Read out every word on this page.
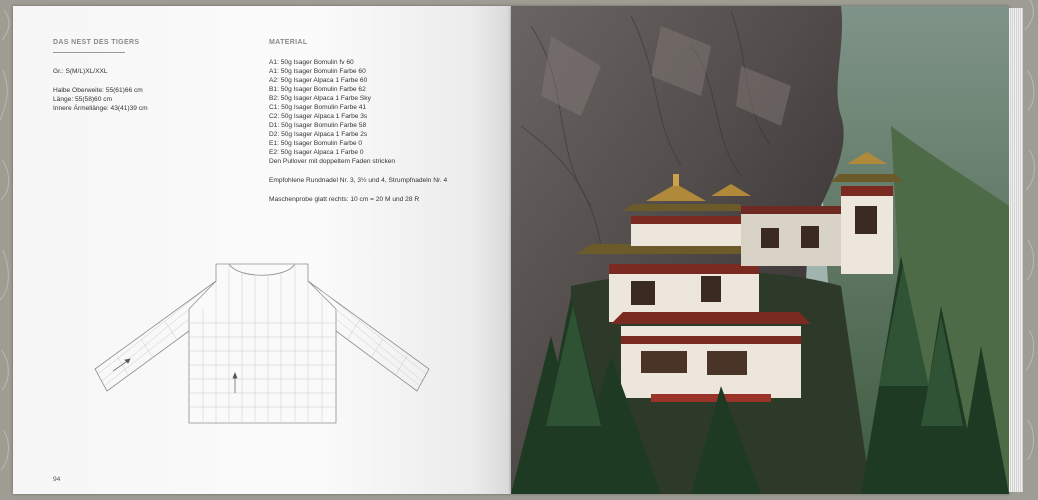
DAS NEST DES TIGERS
Gr.: S(M/L)XL/XXL
Halbe Oberweite: 55(61)66 cm
Länge: 55(58)60 cm
Innere Ärmellänge: 43(41)39 cm
MATERIAL
A1: 50g Isager Bomulin fv 60
A1: 50g Isager Bomulin Farbe 60
A2: 50g Isager Alpaca 1 Farbe 60
B1: 50g Isager Bomulin Farbe 62
B2: 50g Isager Alpaca 1 Farbe Sky
C1: 50g Isager Bomulin Farbe 41
C2: 50g Isager Alpaca 1 Farbe 3s
D1: 50g Isager Bomulin Farbe 58
D2: 50g Isager Alpaca 1 Farbe 2s
E1: 50g Isager Bomulin Farbe 0
E2: 50g Isager Alpaca 1 Farbe 0
Den Pullover mit doppeltem Faden stricken
Empfohlene Rundnadel Nr. 3, 3½ und 4, Strumpfnadeln Nr. 4
Maschenprobe glatt rechts: 10 cm = 20 M und 28 R
94
